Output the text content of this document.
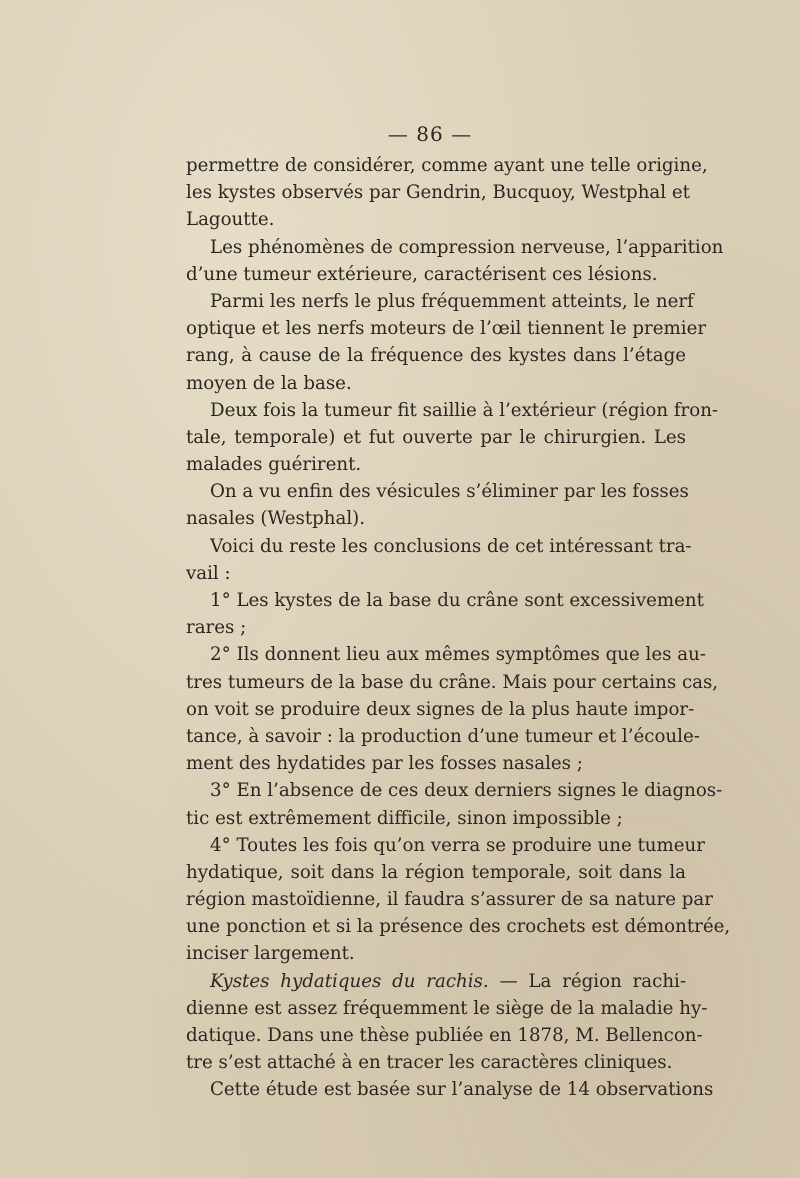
— 86 —
permettre de considérer, comme ayant une telle origine,
les kystes observés par Gendrin, Bucquoy, Westphal et
Lagoutte.
Les phénomènes de compression nerveuse, l’apparition
d’une tumeur extérieure, caractérisent ces lésions.
Parmi les nerfs le plus fréquemment atteints, le nerf
optique et les nerfs moteurs de l’œil tiennent le premier
rang, à cause de la fréquence des kystes dans l’étage
moyen de la base.
Deux fois la tumeur fit saillie à l’extérieur (région fron-
tale, temporale) et fut ouverte par le chirurgien. Les
malades guérirent.
On a vu enfin des vésicules s’éliminer par les fosses
nasales (Westphal).
Voici du reste les conclusions de cet intéressant tra-
vail :
1° Les kystes de la base du crâne sont excessivement
rares ;
2° Ils donnent lieu aux mêmes symptômes que les au-
tres tumeurs de la base du crâne. Mais pour certains cas,
on voit se produire deux signes de la plus haute impor-
tance, à savoir : la production d’une tumeur et l’écoule-
ment des hydatides par les fosses nasales ;
3° En l’absence de ces deux derniers signes le diagnos-
tic est extrêmement difficile, sinon impossible ;
4° Toutes les fois qu’on verra se produire une tumeur
hydatique, soit dans la région temporale, soit dans la
région mastoïdienne, il faudra s’assurer de sa nature par
une ponction et si la présence des crochets est démontrée,
inciser largement.
Kystes hydatiques du rachis. — La région rachi-
dienne est assez fréquemment le siège de la maladie hy-
datique. Dans une thèse publiée en 1878, M. Bellencon-
tre s’est attaché à en tracer les caractères cliniques.
Cette étude est basée sur l’analyse de 14 observations
